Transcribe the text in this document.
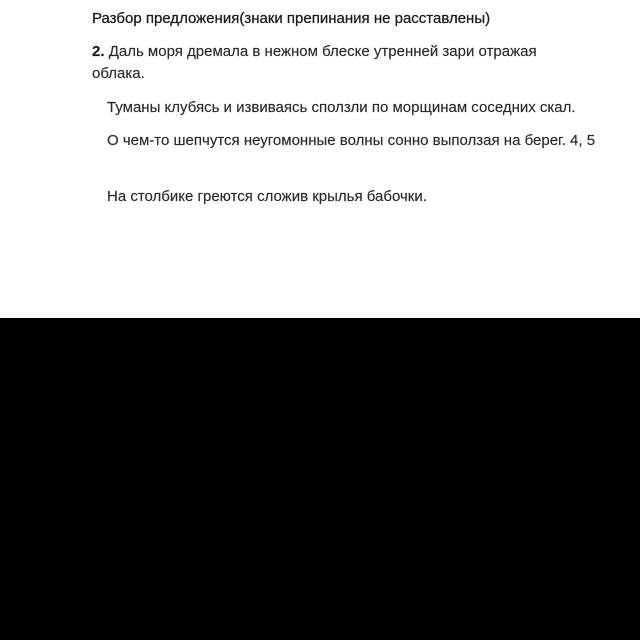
Разбор предложения(знаки препинания не расставлены)
2. Даль моря дремала в нежном блеске утренней зари отражая облака.
Туманы клубясь и извиваясь сползли по морщинам соседних скал.
О чем-то шепчутся неугомонные волны сонно выползая на берег. 4, 5
На столбике греются сложив крылья бабочки.
